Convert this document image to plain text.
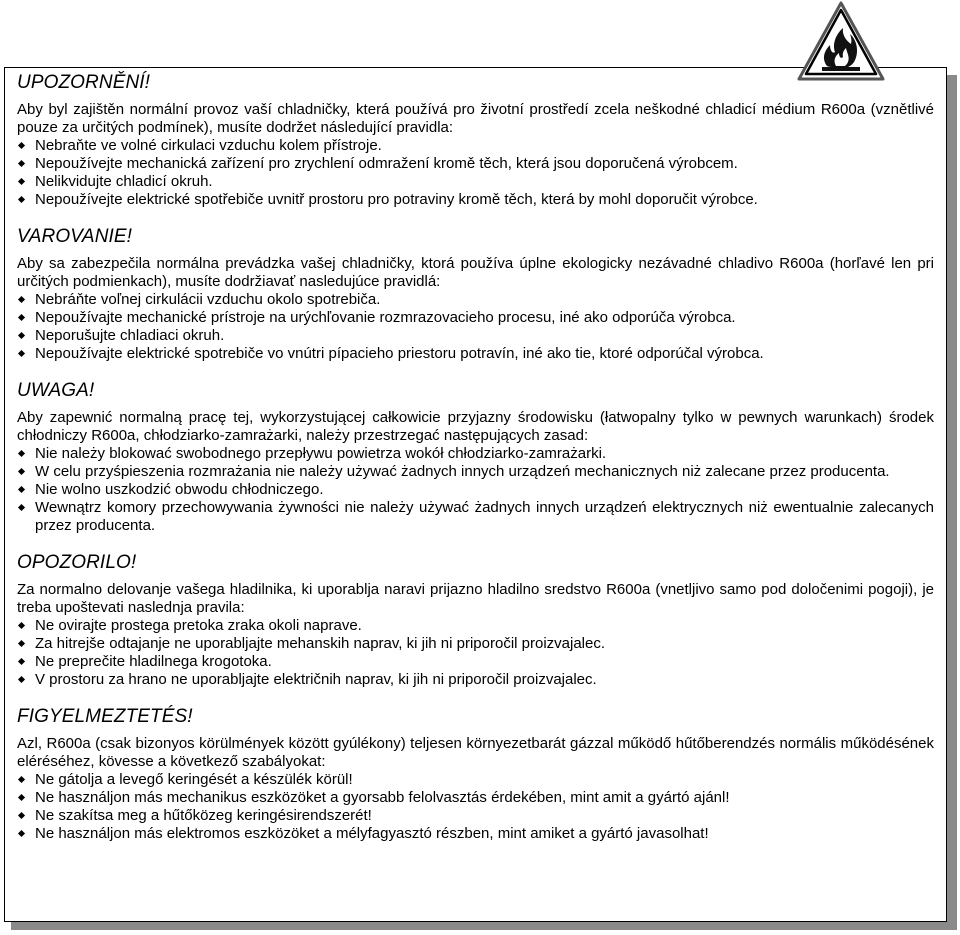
UPOZORNĚNÍ!

Aby byl zajištěn normální provoz vaší chladničky, která používá pro životní prostředí zcela neškodné chladicí médium R600a (vznětlivé pouze za určitých podmínek), musíte dodržet následující pravidla:

Nebraňte ve volné cirkulaci vzduchu kolem přístroje.
Nepoužívejte mechanická zařízení pro zrychlení odmražení kromě těch, která jsou doporučená výrobcem.
Nelikvidujte chladicí okruh.
Nepoužívejte elektrické spotřebiče uvnitř prostoru pro potraviny kromě těch, která by mohl doporučit výrobce.
VAROVANIE!

Aby sa zabezpečila normálna prevádzka vašej chladničky, ktorá používa úplne ekologicky nezávadné chladivo R600a (horľavé len pri určitých podmienkach), musíte dodržiavať nasledujúce pravidlá:

Nebráňte voľnej cirkulácii vzduchu okolo spotrebiča.
Nepoužívajte mechanické prístroje na urýchľovanie rozmrazovacieho procesu, iné ako odporúča výrobca.
Neporušujte chladiaci okruh.
Nepoužívajte elektrické spotrebiče vo vnútri pípacieho priestoru potravín, iné ako tie, ktoré odporúčal výrobca.
UWAGA!

Aby zapewnić normalną pracę tej, wykorzystującej całkowicie przyjazny środowisku (łatwopalny tylko w pewnych warunkach) środek chłodniczy R600a, chłodziarko-zamrażarki, należy przestrzegać następujących zasad:

Nie należy blokować swobodnego przepływu powietrza wokół chłodziarko-zamrażarki.
W celu przyśpieszenia rozmrażania nie należy używać żadnych innych urządzeń mechanicznych niż zalecane przez producenta.
Nie wolno uszkodzić obwodu chłodniczego.
Wewnątrz komory przechowywania żywności nie należy używać żadnych innych urządzeń elektrycznych niż ewentualnie zalecanych przez producenta.
OPOZORILO!

Za normalno delovanje vašega hladilnika, ki uporablja naravi prijazno hladilno sredstvo R600a (vnetljivo samo pod določenimi pogoji), je treba upoštevati naslednja pravila:

Ne ovirajte prostega pretoka zraka okoli naprave.
Za hitrejše odtajanje ne uporabljajte mehanskih naprav, ki jih ni priporočil proizvajalec.
Ne preprečite hladilnega krogotoka.
V prostoru za hrano ne uporabljajte električnih naprav, ki jih ni priporočil proizvajalec.
FIGYELMEZTETÉS!

Azl, R600a (csak bizonyos körülmények között gyúlékony) teljesen környezetbarát gázzal működő hűtőberendzés normális működésének eléréséhez, kövesse a következő szabályokat:

Ne gátolja a levegő keringését a készülék körül!
Ne használjon más mechanikus eszközöket a gyorsabb felolvasztás érdekében, mint amit a gyártó ajánl!
Ne szakítsa meg a hűtőközeg keringésirendszerét!
Ne használjon más elektromos eszközöket a mélyfagyasztó részben, mint amiket a gyártó javasolhat!
